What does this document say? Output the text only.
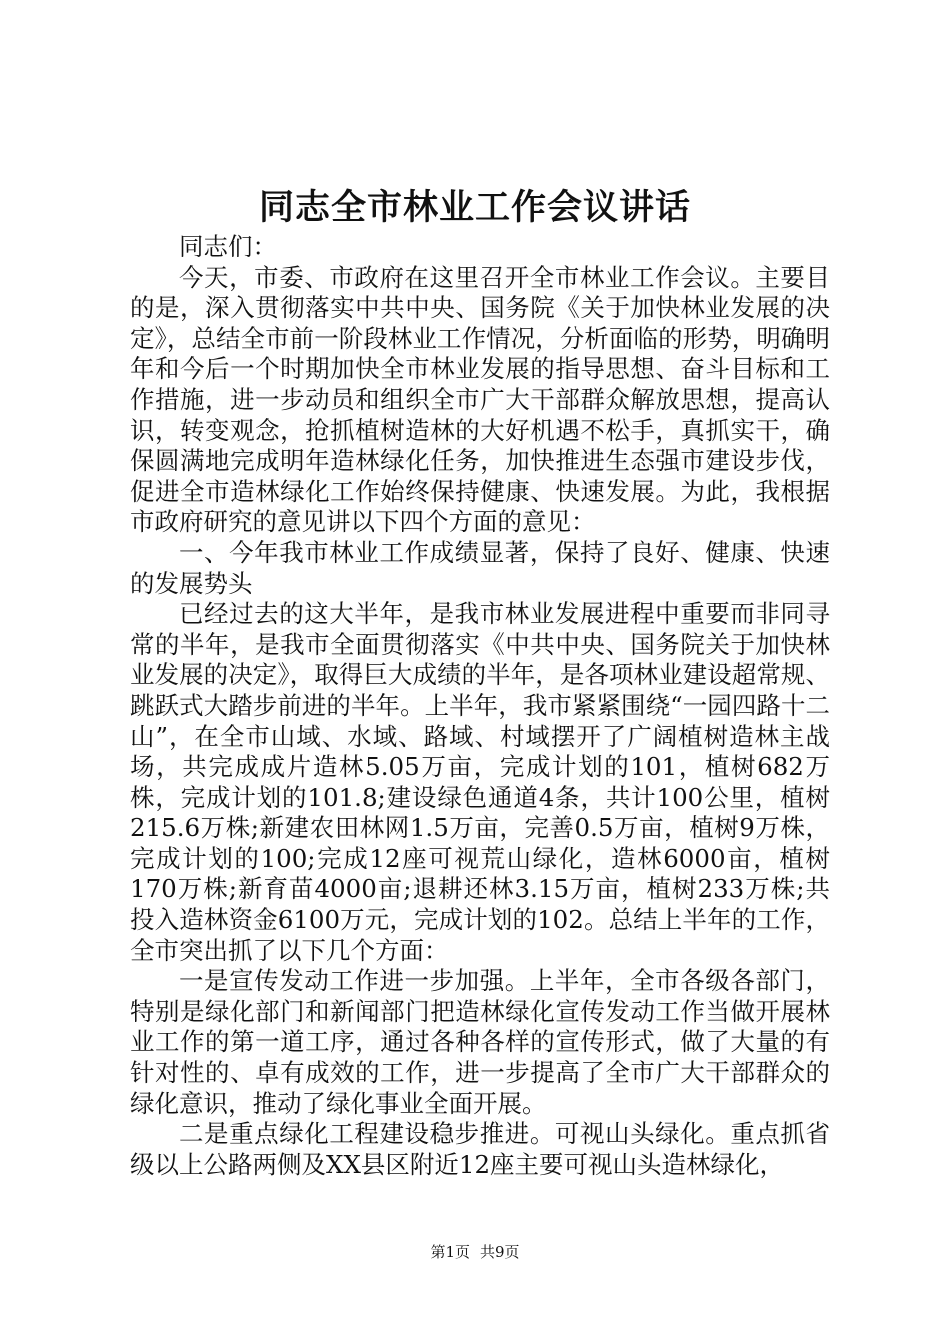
同志全市林业工作会议讲话

同志们：

今天，市委、市政府在这里召开全市林业工作会议。主要目的是，深入贯彻落实中共中央、国务院《关于加快林业发展的决定》，总结全市前一阶段林业工作情况，分析面临的形势，明确明年和今后一个时期加快全市林业发展的指导思想、奋斗目标和工作措施，进一步动员和组织全市广大干部群众解放思想，提高认识，转变观念，抢抓植树造林的大好机遇不松手，真抓实干，确保圆满地完成明年造林绿化任务，加快推进生态强市建设步伐，促进全市造林绿化工作始终保持健康、快速发展。为此，我根据市政府研究的意见讲以下四个方面的意见：

一、今年我市林业工作成绩显著，保持了良好、健康、快速的发展势头

已经过去的这大半年，是我市林业发展进程中重要而非同寻常的半年，是我市全面贯彻落实《中共中央、国务院关于加快林业发展的决定》，取得巨大成绩的半年，是各项林业建设超常规、跳跃式大踏步前进的半年。上半年，我市紧紧围绕“一园四路十二山”，在全市山域、水域、路域、村域摆开了广阔植树造林主战场，共完成成片造林5.05万亩，完成计划的101，植树682万株，完成计划的101.8;建设绿色通道4条，共计100公里，植树215.6万株;新建农田林网1.5万亩，完善0.5万亩，植树9万株，完成计划的100;完成12座可视荒山绿化，造林6000亩，植树170万株;新育苗4000亩;退耕还林3.15万亩，植树233万株;共投入造林资金6100万元，完成计划的102。总结上半年的工作，全市突出抓了以下几个方面：

一是宣传发动工作进一步加强。上半年，全市各级各部门，特别是绿化部门和新闻部门把造林绿化宣传发动工作当做开展林业工作的第一道工序，通过各种各样的宣传形式，做了大量的有针对性的、卓有成效的工作，进一步提高了全市广大干部群众的绿化意识，推动了绿化事业全面开展。

二是重点绿化工程建设稳步推进。可视山头绿化。重点抓省级以上公路两侧及XX县区附近12座主要可视山头造林绿化，

第1页 共9页
